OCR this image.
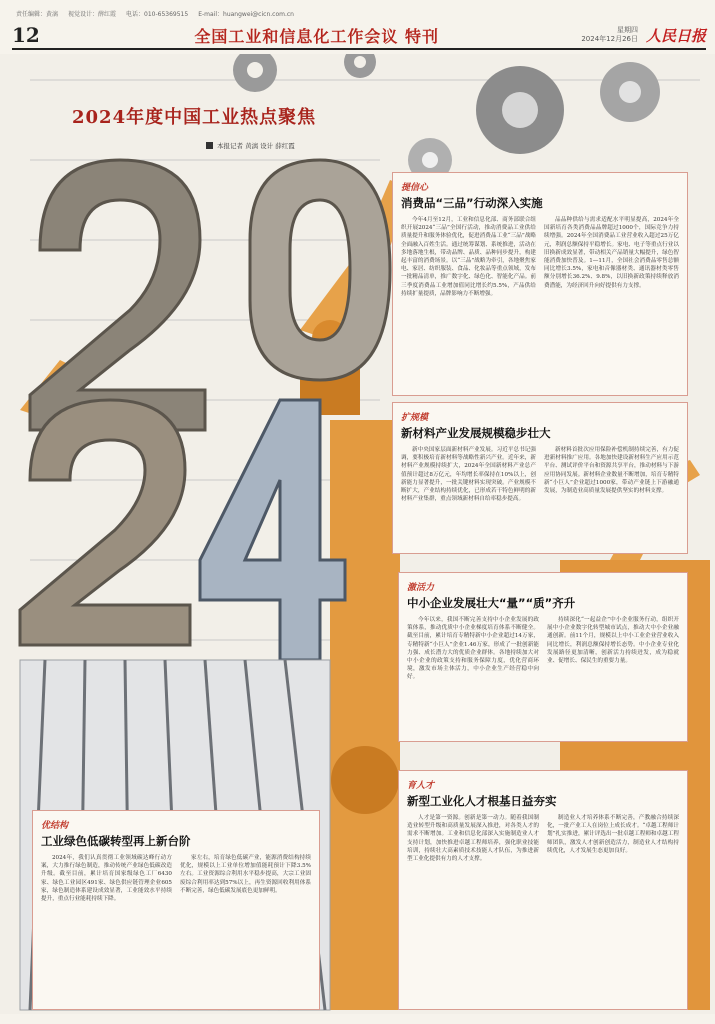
责任编辑：黄漓 视觉设计：薛红霞 电话：010-65369515 E-mail：huangwei@cicn.com.cn
12	全国工业和信息化工作会议 特刊	星期四
2024年12月26日 人民日报
2024年度中国工业热点聚焦
本报记者 黄漓 设计 薛红霞
提信心
消费品“三品”行动深入实施

今年4月至12月，工业和信息化部、商务部联合组织开展2024“三品”全国行活动，推动消费品工业供给质量提升和服务体验优化，促进消费品工业“三品”战略全面融入百姓生活。通过统筹谋划、系统推进，活动在多地落地生根，带动品牌、品质、品种同步提升，构建起丰富的消费场景。以“三品”战略为牵引，各地聚焦家电、家居、纺织服装、食品、化妆品等重点领域，发布一批精品清单，推广数字化、绿色化、智能化产品。前三季度消费品工业增加值同比增长约5.5%，产品供给持续扩量提质，品牌影响力不断增强。

品品种供给与需求适配水平明显提高，2024年全国新培育各类消费品品牌超过1000个，国际竞争力持续增强。2024年全国消费品工业营业收入超过25万亿元，利润总额保持平稳增长。家电、电子等重点行业以旧换新成效显著，带动相关产品销量大幅提升，绿色智能消费加快普及。1—11月，全国社会消费品零售总额同比增长3.5%，家电和音像器材类、通讯器材类零售额分别增长36.2%、9.8%，以旧换新政策持续释放消费潜能，为经济回升向好提供有力支撑。

扩规模
新材料产业发展规模稳步壮大

新中央国家层面新材料产业发展。习近平总书记强调，要积极培育新材料等战略性新兴产业。近年来，新材料产业规模持续扩大，2024年全国新材料产业总产值预计超过8万亿元，年均增长率保持在10%以上，创新能力显著提升，一批关键材料实现突破。产业规模不断扩大，产业结构持续优化，已形成若干特色鲜明的新材料产业集群，重点领域新材料自给率稳步提高。

新材料首批次应用保险补偿机制持续完善，有力促进新材料推广应用。各地加快建设新材料生产应用示范平台、测试评价平台和资源共享平台，推动材料与下游应用协同发展。新材料企业数量不断增加，培育专精特新“小巨人”企业超过1000家，带动产业链上下游融通发展，为制造业高质量发展提供坚实的材料支撑。

激活力
中小企业发展壮大“量”“质”齐升

今年以来，我国不断完善支持中小企业发展的政策体系，推动优质中小企业梯度培育体系不断健全。截至目前，累计培育专精特新中小企业超过14万家，专精特新“小巨人”企业1.46万家，形成了一批创新能力强、成长潜力大的优质企业群体。各地持续加大对中小企业的政策支持和服务保障力度，优化营商环境，激发市场主体活力，中小企业生产经营稳中向好。

持续深化“一起益企”中小企业服务行动，组织开展中小企业数字化转型城市试点，推动大中小企业融通创新。前11个月，规模以上中小工业企业营业收入同比增长，利润总额保持增长态势。中小企业专业化发展路径更加清晰，创新活力持续迸发，成为稳就业、促增长、保民生的重要力量。

优结构
工业绿色低碳转型再上新台阶

2024年，我们认真贯彻工业领域碳达峰行动方案，大力推行绿色制造，推动传统产业绿色低碳改造升级。截至目前，累计培育国家级绿色工厂6430家、绿色工业园区491家、绿色供应链管理企业605家，绿色制造体系建设成效显著，工业能效水平持续提升，重点行业能耗持续下降。

家左右，培育绿色低碳产业，能源消费结构持续优化，规模以上工业单位增加值能耗预计下降3.5%左右。工业资源综合利用水平稳步提高，大宗工业固废综合利用率达到57%以上，再生资源回收利用体系不断完善，绿色低碳发展底色更加鲜明。

育人才
新型工业化人才根基日益夯实

人才是第一资源。创新是第一动力。随着我国制造业转型升级和高质量发展深入推进，对各类人才的需求不断增加。工业和信息化部深入实施制造业人才支持计划，加快推进卓越工程师培养，强化职业技能培训，持续壮大高素质技术技能人才队伍，为推进新型工业化提供有力的人才支撑。

制造业人才培养体系不断完善，产教融合持续深化，一批产业工人在岗位上成长成才。“卓越工程师计划”扎实推进，累计评选出一批卓越工程师和卓越工程师团队，激发人才创新创造活力，制造业人才结构持续优化，人才发展生态更加良好。
